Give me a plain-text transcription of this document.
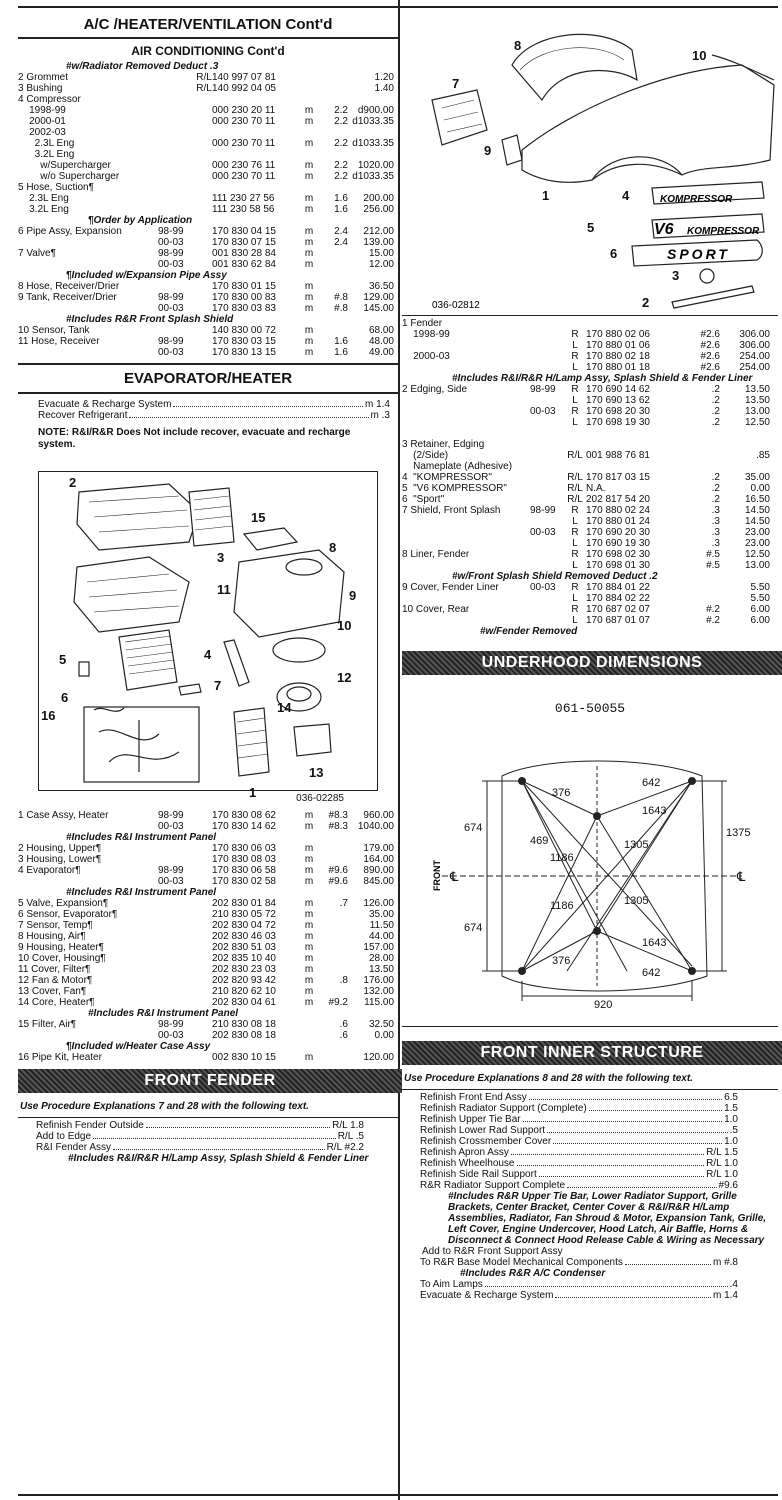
A/C /HEATER/VENTILATION Cont'd
AIR CONDITIONING Cont'd
#w/Radiator Removed Deduct .3
2 Grommet	R/L 140 997 07 81	1.20
3 Bushing	R/L 140 992 04 05	1.40
4 Compressor
1998-99	000 230 20 11	m	2.2 d900.00
2000-01	000 230 70 11	m	2.2 d1033.35
2002-03
2.3L Eng	000 230 70 11	m	2.2 d1033.35
3.2L Eng
w/Supercharger	000 230 76 11	m	2.2 1020.00
w/o Supercharger	000 230 70 11	m	2.2 d1033.35
5 Hose, Suction¶
2.3L Eng	111 230 27 56	m	1.6	200.00
3.2L Eng	111 230 58 56	m	1.6	256.00
¶Order by Application
6 Pipe Assy, Expansion	98-99	170 830 04 15	m	2.4	212.00
00-03	170 830 07 15	m	2.4	139.00
7 Valve¶	98-99	001 830 28 84	m	15.00
00-03	001 830 62 84	m	12.00
¶Included w/Expansion Pipe Assy
8 Hose, Receiver/Drier	170 830 01 15	m	36.50
9 Tank, Receiver/Drier	98-99	170 830 00 83	m	#.8	129.00
00-03	170 830 03 83	m	#.8	145.00
#Includes R&R Front Splash Shield
10 Sensor, Tank	140 830 00 72	m	68.00
11 Hose, Receiver	98-99	170 830 03 15	m	1.6	48.00
00-03	170 830 13 15	m	1.6	49.00
EVAPORATOR/HEATER
Evacuate & Recharge System	m 1.4
Recover Refrigerant	m .3
NOTE: R&I/R&R Does Not include recover, evacuate and recharge system.
2
3
5	4
6
7
11
15
8
9
10
12
14
13
16
1	036-02285
1 Case Assy, Heater	98-99	170 830 08 62	m	#8.3	960.00
00-03	170 830 14 62	m	#8.3 1040.00
#Includes R&I Instrument Panel
2 Housing, Upper¶	170 830 06 03	m	179.00
3 Housing, Lower¶	170 830 08 03	m	164.00
4 Evaporator¶	98-99	170 830 06 58	m	#9.6	890.00
00-03	170 830 02 58	m	#9.6	845.00
#Includes R&I Instrument Panel
5 Valve, Expansion¶	202 830 01 84	m	.7	126.00
6 Sensor, Evaporator¶	210 830 05 72	m	35.00
7 Sensor, Temp¶	202 830 04 72	m	11.50
8 Housing, Air¶	202 830 46 03	m	44.00
9 Housing, Heater¶	202 830 51 03	m	157.00
10 Cover, Housing¶	202 835 10 40	m	28.00
11 Cover, Filter¶	202 830 23 03	m	13.50
12 Fan & Motor¶	202 820 93 42	m	.8	176.00
13 Cover, Fan¶	210 820 62 10	m	132.00
14 Core, Heater¶	202 830 04 61	m	#9.2	115.00
#Includes R&I Instrument Panel
15 Filter, Air¶	98-99	210 830 08 18	.6	32.50
00-03	202 830 08 18	.6	0.00
¶Included w/Heater Case Assy
16 Pipe Kit, Heater	002 830 10 15	m	120.00
FRONT FENDER
Use Procedure Explanations 7 and 28 with the following text.
Refinish Fender Outside	R/L 1.8
Add to Edge	R/L .5
R&I Fender Assy	R/L #2.2
#Includes R&I/R&R H/Lamp Assy, Splash Shield & Fender Liner
KOMPRESSOR
V6 KOMPRESSOR
SPORT
8
7
9
10
1	4
5
6
3
2
036-02812
1 Fender
1998-99	R 170 880 02 06	#2.6	306.00
L 170 880 01 06	#2.6	306.00
2000-03	R 170 880 02 18	#2.6	254.00
L 170 880 01 18	#2.6	254.00
#Includes R&I/R&R H/Lamp Assy, Splash Shield & Fender Liner
2 Edging, Side	98-99	R 170 690 14 62	.2	13.50
L 170 690 13 62	.2	13.50
00-03	R 170 698 20 30	.2	13.00
L 170 698 19 30	.2	12.50
3 Retainer, Edging
(2/Side)	R/L 001 988 76 81	.85
Nameplate (Adhesive)
4  "KOMPRESSOR"	R/L 170 817 03 15	.2	35.00
5  "V6 KOMPRESSOR"	R/L N.A.	.2	0.00
6  "Sport"	R/L 202 817 54 20	.2	16.50
7 Shield, Front Splash	98-99	R 170 880 02 24	.3	14.50
L 170 880 01 24	.3	14.50
00-03	R 170 690 20 30	.3	23.00
L 170 690 19 30	.3	23.00
8 Liner, Fender	R 170 698 02 30	#.5	12.50
L 170 698 01 30	#.5	13.00
#w/Front Splash Shield Removed Deduct .2
9 Cover, Fender Liner	00-03	R 170 884 01 22	5.50
L 170 884 02 22	5.50
10 Cover, Rear	R 170 687 02 07	#.2	6.00
L 170 687 01 07	#.2	6.00
#w/Fender Removed
UNDERHOOD DIMENSIONS
061-50055
674
674
376
376
642
642
1643
1643
469
1186
1186
1305
1305
1375
920
℄	℄
FRONT
FRONT INNER STRUCTURE
Use Procedure Explanations 8 and 28 with the following text.
Refinish Front End Assy	6.5
Refinish Radiator Support (Complete)	1.5
Refinish Upper Tie Bar	1.0
Refinish Lower Rad Support	.5
Refinish Crossmember Cover	1.0
Refinish Apron Assy	R/L 1.5
Refinish Wheelhouse	R/L 1.0
Refinish Side Rail Support	R/L 1.0
R&R Radiator Support Complete	#9.6
#Includes R&R Upper Tie Bar, Lower Radiator Support, Grille Brackets, Center Bracket, Center Cover & R&I/R&R H/Lamp Assemblies, Radiator, Fan Shroud & Motor, Expansion Tank, Grille, Left Cover, Engine Undercover, Hood Latch, Air Baffle, Horns & Disconnect & Connect Hood Release Cable & Wiring as Necessary
Add to R&R Front Support Assy
To R&R Base Model Mechanical Components	m #.8
#Includes R&R A/C Condenser
To Aim Lamps	.4
Evacuate & Recharge System	m 1.4
